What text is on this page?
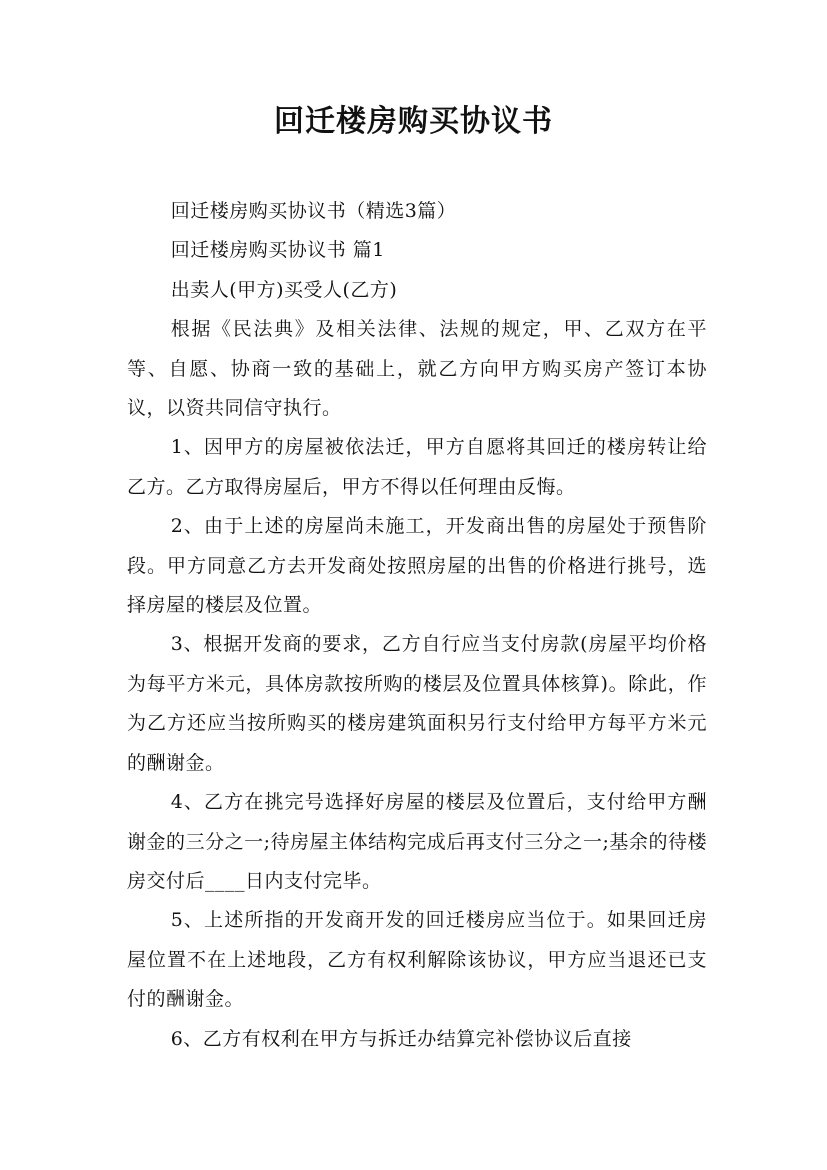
回迁楼房购买协议书

回迁楼房购买协议书（精选3篇）

回迁楼房购买协议书 篇1

出卖人(甲方)买受人(乙方)

根据《民法典》及相关法律、法规的规定，甲、乙双方在平等、自愿、协商一致的基础上，就乙方向甲方购买房产签订本协议，以资共同信守执行。

1、因甲方的房屋被依法迁，甲方自愿将其回迁的楼房转让给乙方。乙方取得房屋后，甲方不得以任何理由反悔。

2、由于上述的房屋尚未施工，开发商出售的房屋处于预售阶段。甲方同意乙方去开发商处按照房屋的出售的价格进行挑号，选择房屋的楼层及位置。

3、根据开发商的要求，乙方自行应当支付房款(房屋平均价格为每平方米元，具体房款按所购的楼层及位置具体核算)。除此，作为乙方还应当按所购买的楼房建筑面积另行支付给甲方每平方米元的酬谢金。

4、乙方在挑完号选择好房屋的楼层及位置后，支付给甲方酬谢金的三分之一;待房屋主体结构完成后再支付三分之一;基余的待楼房交付后____日内支付完毕。

5、上述所指的开发商开发的回迁楼房应当位于。如果回迁房屋位置不在上述地段，乙方有权利解除该协议，甲方应当退还已支付的酬谢金。

6、乙方有权利在甲方与拆迁办结算完补偿协议后直接
